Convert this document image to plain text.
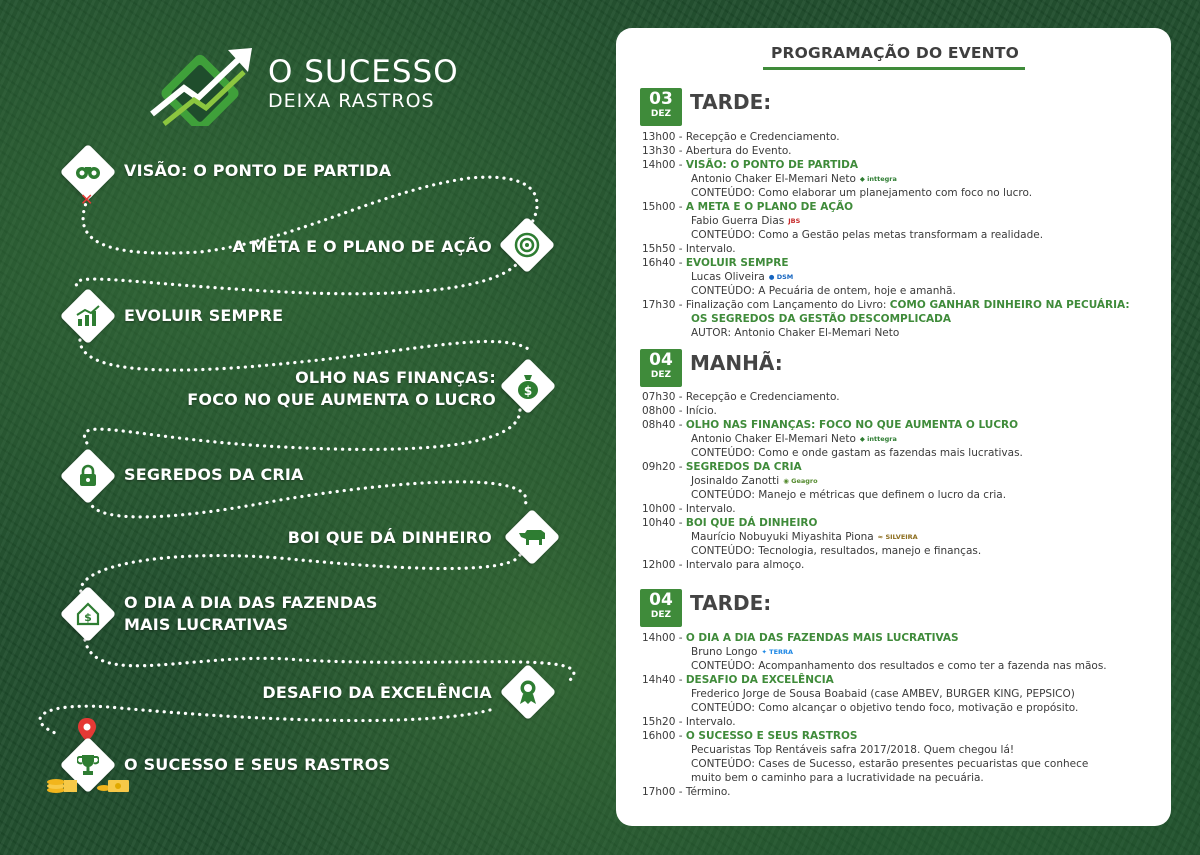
O SUCESSO
DEIXA RASTROS
VISÃO: O PONTO DE PARTIDA
✕
A META E O PLANO DE AÇÃO
EVOLUIR SEMPRE
$
OLHO NAS FINANÇAS:
FOCO NO QUE AUMENTA O LUCRO
SEGREDOS DA CRIA
BOI QUE DÁ DINHEIRO
$
O DIA A DIA DAS FAZENDAS
MAIS LUCRATIVAS
DESAFIO DA EXCELÊNCIA
O SUCESSO E SEUS RASTROS
PROGRAMAÇÃO DO EVENTO
03
DEZ TARDE:
13h00 - Recepção e Credenciamento.
13h30 - Abertura do Evento.
14h00 - VISÃO: O PONTO DE PARTIDA
Antonio Chaker El-Memari Neto ◆ inttegra
CONTEÚDO: Como elaborar um planejamento com foco no lucro.
15h00 - A META E O PLANO DE AÇÃO
Fabio Guerra Dias JBS
CONTEÚDO: Como a Gestão pelas metas transformam a realidade.
15h50 - Intervalo.
16h40 - EVOLUIR SEMPRE
Lucas Oliveira ● DSM
CONTEÚDO: A Pecuária de ontem, hoje e amanhã.
17h30 - Finalização com Lançamento do Livro: COMO GANHAR DINHEIRO NA PECUÁRIA:
OS SEGREDOS DA GESTÃO DESCOMPLICADA
AUTOR: Antonio Chaker El-Memari Neto
04
DEZ MANHÃ:
07h30 - Recepção e Credenciamento.
08h00 - Início.
08h40 - OLHO NAS FINANÇAS: FOCO NO QUE AUMENTA O LUCRO
Antonio Chaker El-Memari Neto ◆ inttegra
CONTEÚDO: Como e onde gastam as fazendas mais lucrativas.
09h20 - SEGREDOS DA CRIA
Josinaldo Zanotti ◉ Geagro
CONTEÚDO: Manejo e métricas que definem o lucro da cria.
10h00 - Intervalo.
10h40 - BOI QUE DÁ DINHEIRO
Maurício Nobuyuki Miyashita Piona ≈ SILVEIRA
CONTEÚDO: Tecnologia, resultados, manejo e finanças.
12h00 - Intervalo para almoço.
04
DEZ TARDE:
14h00 - O DIA A DIA DAS FAZENDAS MAIS LUCRATIVAS
Bruno Longo ✦ TERRA
CONTEÚDO: Acompanhamento dos resultados e como ter a fazenda nas mãos.
14h40 - DESAFIO DA EXCELÊNCIA
Frederico Jorge de Sousa Boabaid (case AMBEV, BURGER KING, PEPSICO)
CONTEÚDO: Como alcançar o objetivo tendo foco, motivação e propósito.
15h20 - Intervalo.
16h00 - O SUCESSO E SEUS RASTROS
Pecuaristas Top Rentáveis safra 2017/2018. Quem chegou lá!
CONTEÚDO: Cases de Sucesso, estarão presentes pecuaristas que conhece
muito bem o caminho para a lucratividade na pecuária.
17h00 - Término.
